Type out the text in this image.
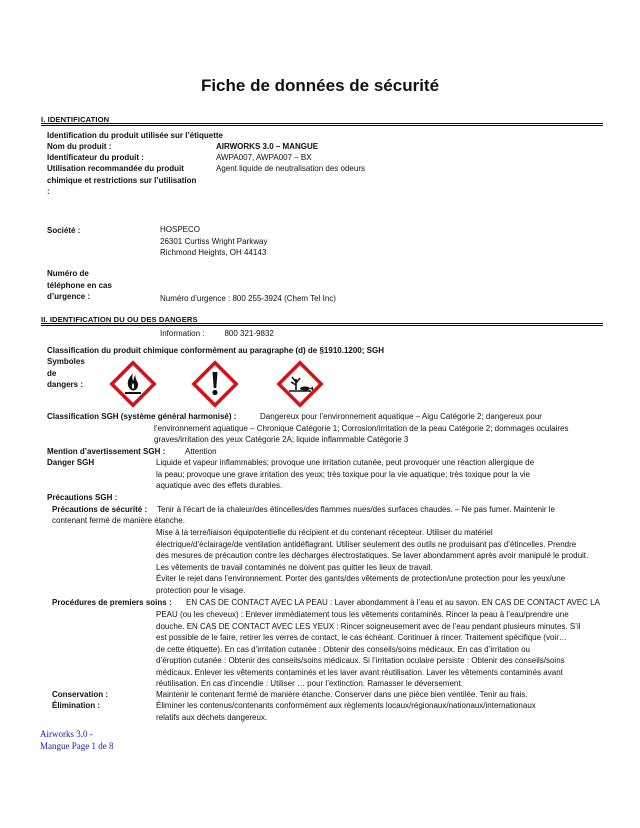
Fiche de données de sécurité
I. IDENTIFICATION
Identification du produit utilisée sur l’étiquette
Nom du produit :	AIRWORKS 3.0 – MANGUE
Identificateur du produit :	AWPA007, AWPA007 – BX
Utilisation recommandée du produit chimique et restrictions sur l’utilisation :
Agent liquide de neutralisation des odeurs
Société :	HOSPECO

26301 Curtiss Wright Parkway

Richmond Heights, OH 44143

Numéro de téléphone en cas d’urgence :

	Numéro d’urgence : 800 255-3924 (Chem Tel Inc)

Information :         800 321-9832

II. IDENTIFICATION DU OU DES DANGERS
Classification du produit chimique conformément au paragraphe (d) de §1910.1200; SGH
Symboles de dangers :
Classification SGH (système général harmonisé) :	Dangereux pour l’environnement aquatique – Aigu Catégorie 2; dangereux pour
l’environnement aquatique – Chronique Catégorie 1; Corrosion/irritation de la peau Catégorie 2; dommages oculaires
graves/irritation des yeux Catégorie 2A; liquide inflammable Catégorie 3
Mention d’avertissement SGH : Attention
Danger SGH	Liquide et vapeur inflammables; provoque une irritation cutanée, peut provoquer une réaction allergique de

la peau; provoque une grave irritation des yeux; très toxique pour la vie aquatique; très toxique pour la vie

aquatique avec des effets durables.

Précautions SGH :
Précautions de sécurité : Tenir à l’écart de la chaleur/des étincelles/des flammes nues/des surfaces chaudes. – Ne pas fumer. Maintenir le
contenant fermé de manière étanche.

Mise à la terre/liaison équipotentielle du récipient et du contenant récepteur. Utiliser du matériel

électrique/d’éclairage/de ventilation antidéflagrant. Utiliser seulement des outils ne produisant pas d’étincelles. Prendre

des mesures de précaution contre les décharges électrostatiques. Se laver abondamment après avoir manipulé le produit.

Les vêtements de travail contaminés ne doivent pas quitter les lieux de travail.

Éviter le rejet dans l’environnement. Porter des gants/des vêtements de protection/une protection pour les yeux/une

protection pour le visage.

Procédures de premiers soins : EN CAS DE CONTACT AVEC LA PEAU : Laver abondamment à l’eau et au savon. EN CAS DE CONTACT AVEC LA

PEAU (ou les cheveux) : Enlever immédiatement tous les vêtements contaminés. Rincer la peau à l’eau/prendre une

douche. EN CAS DE CONTACT AVEC LES YEUX : Rincer soigneusement avec de l’eau pendant plusieurs minutes. S’il

est possible de le faire, retirer les verres de contact, le cas échéant. Continuer à rincer. Traitement spécifique (voir…

de cette étiquette). En cas d’irritation cutanée : Obtenir des conseils/soins médicaux. En cas d’irritation ou

d’éruption cutanée : Obtenir des conseils/soins médicaux. Si l’irritation oculaire persiste : Obtenir des conseils/soins

médicaux. Enlever les vêtements contaminés et les laver avant réutilisation. Laver les vêtements contaminés avant

réutilisation. En cas d’incendie : Utiliser … pour l’extinction. Ramasser le déversement.

Conservation :	Maintenir le contenant fermé de manière étanche. Conserver dans une pièce bien ventilée. Tenir au frais.
Élimination :	Éliminer les contenus/contenants conformément aux règlements locaux/régionaux/nationaux/internationaux

relatifs aux déchets dangereux.

Airworks 3.0 -

Mangue Page 1 de 8
